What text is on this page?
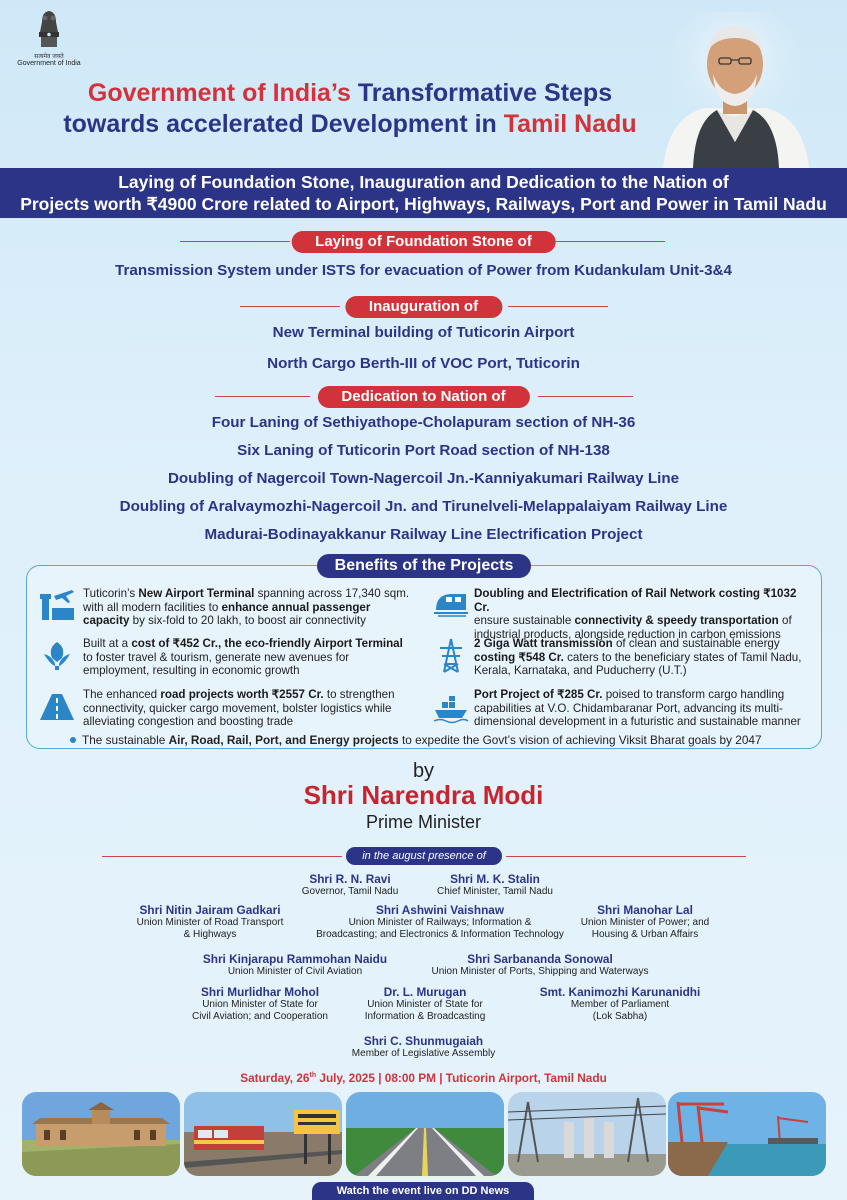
सत्यमेव जयते
Government of India
Government of India’s Transformative Steps
towards accelerated Development in Tamil Nadu
Laying of Foundation Stone, Inauguration and Dedication to the Nation of
Projects worth ₹4900 Crore related to Airport, Highways, Railways, Port and Power in Tamil Nadu
Laying of Foundation Stone of
Transmission System under ISTS for evacuation of Power from Kudankulam Unit-3&4
Inauguration of
New Terminal building of Tuticorin Airport
North Cargo Berth-III of VOC Port, Tuticorin
Dedication to Nation of
Four Laning of Sethiyathope-Cholapuram section of NH-36
Six Laning of Tuticorin Port Road section of NH-138
Doubling of Nagercoil Town-Nagercoil Jn.-Kanniyakumari Railway Line
Doubling of Aralvaymozhi-Nagercoil Jn. and Tirunelveli-Melappalaiyam Railway Line
Madurai-Bodinayakkanur Railway Line Electrification Project
Benefits of the Projects
Tuticorin’s New Airport Terminal spanning across 17,340 sqm.
with all modern facilities to enhance annual passenger
capacity by six-fold to 20 lakh, to boost air connectivity
Built at a cost of ₹452 Cr., the eco-friendly Airport Terminal
to foster travel & tourism, generate new avenues for
employment, resulting in economic growth
The enhanced road projects worth ₹2557 Cr. to strengthen
connectivity, quicker cargo movement, bolster logistics while
alleviating congestion and boosting trade
Doubling and Electrification of Rail Network costing ₹1032 Cr.
ensure sustainable connectivity & speedy transportation of
industrial products, alongside reduction in carbon emissions
2 Giga Watt transmission of clean and sustainable energy
costing ₹548 Cr. caters to the beneficiary states of Tamil Nadu,
Kerala, Karnataka, and Puducherry (U.T.)
Port Project of ₹285 Cr. poised to transform cargo handling
capabilities at V.O. Chidambaranar Port, advancing its multi-
dimensional development in a futuristic and sustainable manner
The sustainable Air, Road, Rail, Port, and Energy projects to expedite the Govt’s vision of achieving Viksit Bharat goals by 2047
by
Shri Narendra Modi
Prime Minister
in the august presence of
Shri R. N. Ravi
Governor, Tamil Nadu
Shri M. K. Stalin
Chief Minister, Tamil Nadu
Shri Nitin Jairam Gadkari
Union Minister of Road Transport
& Highways
Shri Ashwini Vaishnaw
Union Minister of Railways; Information &
Broadcasting; and Electronics & Information Technology
Shri Manohar Lal
Union Minister of Power; and
Housing & Urban Affairs
Shri Kinjarapu Rammohan Naidu
Union Minister of Civil Aviation
Shri Sarbananda Sonowal
Union Minister of Ports, Shipping and Waterways
Shri Murlidhar Mohol
Union Minister of State for
Civil Aviation; and Cooperation
Dr. L. Murugan
Union Minister of State for
Information & Broadcasting
Smt. Kanimozhi Karunanidhi
Member of Parliament
(Lok Sabha)
Shri C. Shunmugaiah
Member of Legislative Assembly
Saturday, 26th July, 2025 | 08:00 PM | Tuticorin Airport, Tamil Nadu
Watch the event live on DD News
